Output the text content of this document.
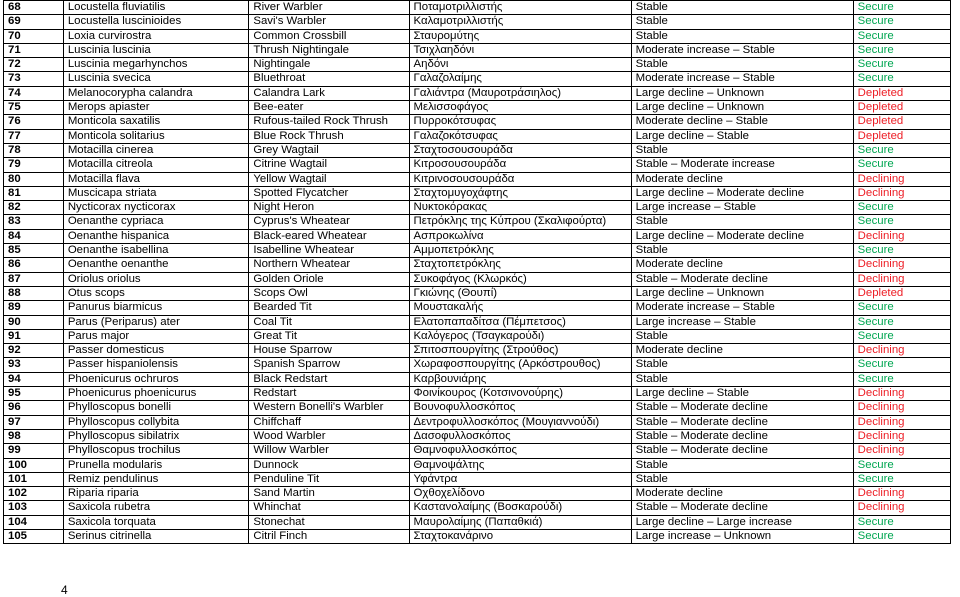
68	Locustella fluviatilis	River Warbler	Ποταμοτριλλιστής	Stable	Secure
69	Locustella luscinioides	Savi's Warbler	Καλαμοτριλλιστής	Stable	Secure
70	Loxia curvirostra	Common Crossbill	Σταυρομύτης	Stable	Secure
71	Luscinia luscinia	Thrush Nightingale	Τσιχλαηδόνι	Moderate increase – Stable	Secure
72	Luscinia megarhynchos	Nightingale	Αηδόνι	Stable	Secure
73	Luscinia svecica	Bluethroat	Γαλαζολαίμης	Moderate increase – Stable	Secure
74	Melanocorypha calandra	Calandra Lark	Γαλιάντρα (Μαυροτράσιηλος)	Large decline – Unknown	Depleted
75	Merops apiaster	Bee-eater	Μελισσοφάγος	Large decline – Unknown	Depleted
76	Monticola saxatilis	Rufous-tailed Rock Thrush	Πυρροκότσυφας	Moderate decline – Stable	Depleted
77	Monticola solitarius	Blue Rock Thrush	Γαλαζοκότσυφας	Large decline – Stable	Depleted
78	Motacilla cinerea	Grey Wagtail	Σταχτοσουσουράδα	Stable	Secure
79	Motacilla citreola	Citrine Wagtail	Κιτροσουσουράδα	Stable – Moderate increase	Secure
80	Motacilla flava	Yellow Wagtail	Κιτρινοσουσουράδα	Moderate decline	Declining
81	Muscicapa striata	Spotted Flycatcher	Σταχτομυγοχάφτης	Large decline – Moderate decline	Declining
82	Nycticorax nycticorax	Night Heron	Νυκτοκόρακας	Large increase – Stable	Secure
83	Oenanthe cypriaca	Cyprus's Wheatear	Πετρόκλης της Κύπρου (Σκαλιφούρτα)	Stable	Secure
84	Oenanthe hispanica	Black-eared Wheatear	Ασπροκωλίνα	Large decline – Moderate decline	Declining
85	Oenanthe isabellina	Isabelline Wheatear	Αμμοπετρόκλης	Stable	Secure
86	Oenanthe oenanthe	Northern Wheatear	Σταχτοπετρόκλης	Moderate decline	Declining
87	Oriolus oriolus	Golden Oriole	Συκοφάγος (Κλωρκός)	Stable – Moderate decline	Declining
88	Otus scops	Scops Owl	Γκιώνης (Θουπί)	Large decline – Unknown	Depleted
89	Panurus biarmicus	Bearded Tit	Μουστακαλής	Moderate increase – Stable	Secure
90	Parus (Periparus) ater	Coal Tit	Ελατοπαπαδίτσα (Πέμπετσος)	Large increase – Stable	Secure
91	Parus major	Great Tit	Καλόγερος (Τσαγκαρούδι)	Stable	Secure
92	Passer domesticus	House Sparrow	Σπιτοσπουργίτης (Στρούθος)	Moderate decline	Declining
93	Passer hispaniolensis	Spanish Sparrow	Χωραφοσπουργίτης (Αρκόστρουθος)	Stable	Secure
94	Phoenicurus ochruros	Black Redstart	Καρβουνιάρης	Stable	Secure
95	Phoenicurus phoenicurus	Redstart	Φοινίκουρος (Κοτσινονούρης)	Large decline – Stable	Declining
96	Phylloscopus bonelli	Western Bonelli's Warbler	Βουνοφυλλοσκόπος	Stable – Moderate decline	Declining
97	Phylloscopus collybita	Chiffchaff	Δεντροφυλλοσκόπος (Μουγιαννούδι)	Stable – Moderate decline	Declining
98	Phylloscopus sibilatrix	Wood Warbler	Δασοφυλλοσκόπος	Stable – Moderate decline	Declining
99	Phylloscopus trochilus	Willow Warbler	Θαμνοφυλλοσκόπος	Stable – Moderate decline	Declining
100	Prunella modularis	Dunnock	Θαμνοψάλτης	Stable	Secure
101	Remiz pendulinus	Penduline Tit	Υφάντρα	Stable	Secure
102	Riparia riparia	Sand Martin	Οχθοχελίδονο	Moderate decline	Declining
103	Saxicola rubetra	Whinchat	Καστανολαίμης (Βοσκαρούδι)	Stable – Moderate decline	Declining
104	Saxicola torquata	Stonechat	Μαυρολαίμης (Παπαθκιά)	Large decline – Large increase	Secure
105	Serinus citrinella	Citril Finch	Σταχτοκανάρινο	Large increase – Unknown	Secure
4
